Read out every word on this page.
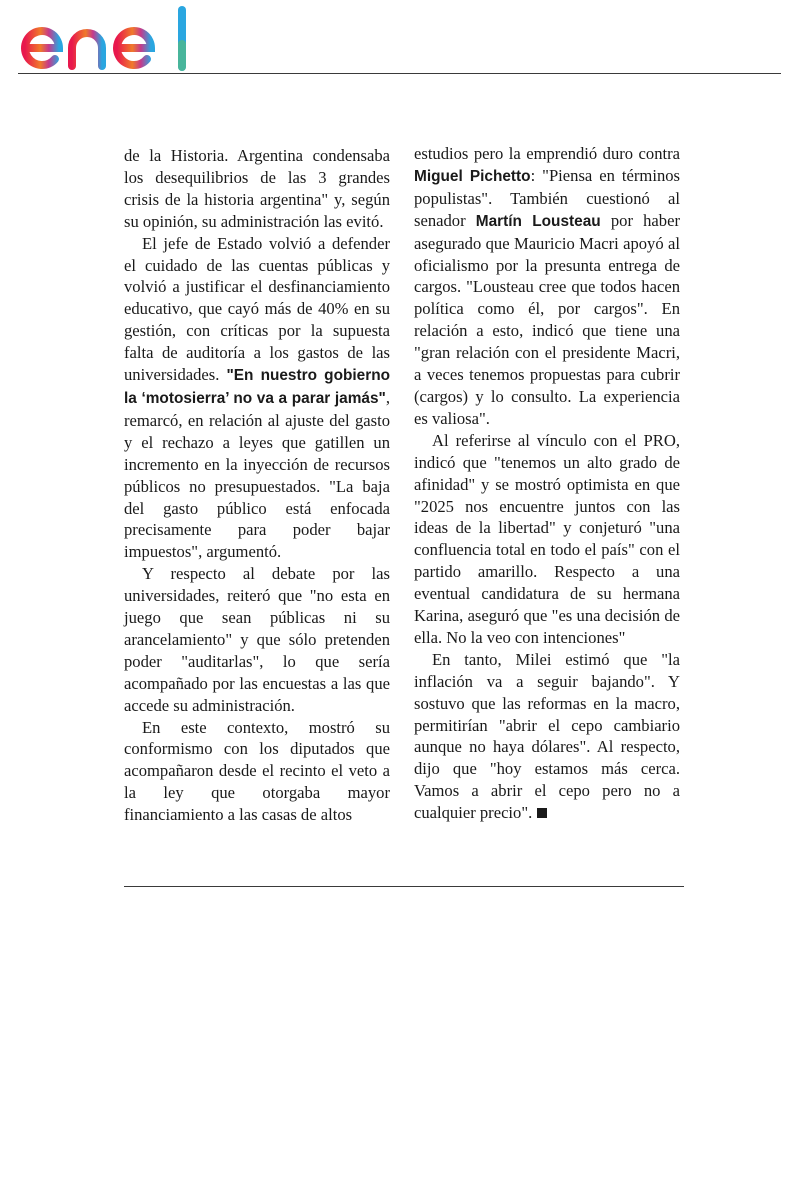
de la Historia. Argentina condensaba los desequilibrios de las 3 grandes crisis de la historia argentina" y, según su opinión, su administración las evitó.

El jefe de Estado volvió a defender el cuidado de las cuentas públicas y volvió a justificar el desfinanciamiento educativo, que cayó más de 40% en su gestión, con críticas por la supuesta falta de auditoría a los gastos de las universidades. "En nuestro gobierno la ‘motosierra’ no va a parar jamás", remarcó, en relación al ajuste del gasto y el rechazo a leyes que gatillen un incremento en la inyección de recursos públicos no presupuestados. "La baja del gasto público está enfocada precisamente para poder bajar impuestos", argumentó.

Y respecto al debate por las universidades, reiteró que "no esta en juego que sean públicas ni su arancelamiento" y que sólo pretenden poder "auditarlas", lo que sería acompañado por las encuestas a las que accede su administración.

En este contexto, mostró su conformismo con los diputados que acompañaron desde el recinto el veto a la ley que otorgaba mayor financiamiento a las casas de altos

estudios pero la emprendió duro contra Miguel Pichetto: "Piensa en términos populistas". También cuestionó al senador Martín Lousteau por haber asegurado que Mauricio Macri apoyó al oficialismo por la presunta entrega de cargos. "Lousteau cree que todos hacen política como él, por cargos". En relación a esto, indicó que tiene una "gran relación con el presidente Macri, a veces tenemos propuestas para cubrir (cargos) y lo consulto. La experiencia es valiosa".

Al referirse al vínculo con el PRO, indicó que "tenemos un alto grado de afinidad" y se mostró optimista en que "2025 nos encuentre juntos con las ideas de la libertad" y conjeturó "una confluencia total en todo el país" con el partido amarillo. Respecto a una eventual candidatura de su hermana Karina, aseguró que "es una decisión de ella. No la veo con intenciones"

En tanto, Milei estimó que "la inflación va a seguir bajando". Y sostuvo que las reformas en la macro, permitirían "abrir el cepo cambiario aunque no haya dólares". Al respecto, dijo que "hoy estamos más cerca. Vamos a abrir el cepo pero no a cualquier precio".
